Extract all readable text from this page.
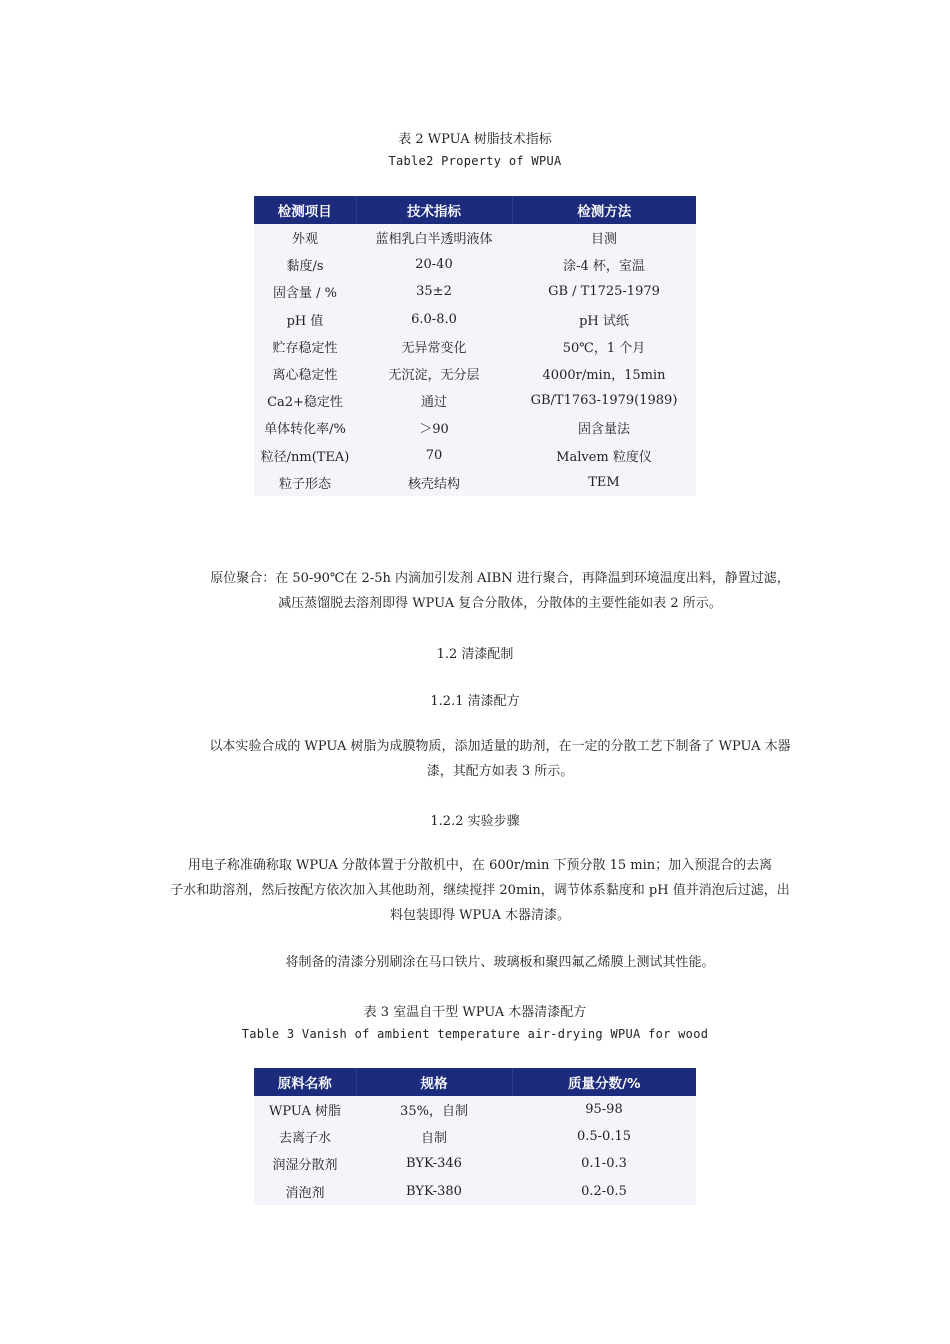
表 2 WPUA 树脂技术指标
Table2 Property of WPUA
检测项目	技术指标	检测方法
外观	蓝相乳白半透明液体	目测
黏度/s	20-40	涂-4 杯，室温
固含量 / %	35±2	GB / T1725-1979
pH 值	6.0-8.0	pH 试纸
贮存稳定性	无异常变化	50℃，1 个月
离心稳定性	无沉淀，无分层	4000r/min，15min
Ca2+稳定性	通过	GB/T1763-1979(1989)
单体转化率/%	＞90	固含量法
粒径/nm(TEA)	70	Malvem 粒度仪
粒子形态	核壳结构	TEM
原位聚合：在 50-90℃在 2-5h 内滴加引发剂 AIBN 进行聚合，再降温到环境温度出料，静置过滤，
减压蒸馏脱去溶剂即得 WPUA 复合分散体，分散体的主要性能如表 2 所示。
1.2 清漆配制
1.2.1 清漆配方
以本实验合成的 WPUA 树脂为成膜物质，添加适量的助剂，在一定的分散工艺下制备了 WPUA 木器
漆，其配方如表 3 所示。
1.2.2 实验步骤
用电子称准确称取 WPUA 分散体置于分散机中，在 600r/min 下预分散 15 min；加入预混合的去离
子水和助溶剂，然后按配方依次加入其他助剂，继续搅拌 20min，调节体系黏度和 pH 值并消泡后过滤，出
料包装即得 WPUA 木器清漆。
将制备的清漆分别刷涂在马口铁片、玻璃板和聚四氟乙烯膜上测试其性能。
表 3 室温自干型 WPUA 木器清漆配方
Table 3 Vanish of ambient temperature air-drying WPUA for wood
原料名称	规格	质量分数/%
WPUA 树脂	35%，自制	95-98
去离子水	自制	0.5-0.15
润湿分散剂	BYK-346	0.1-0.3
消泡剂	BYK-380	0.2-0.5
